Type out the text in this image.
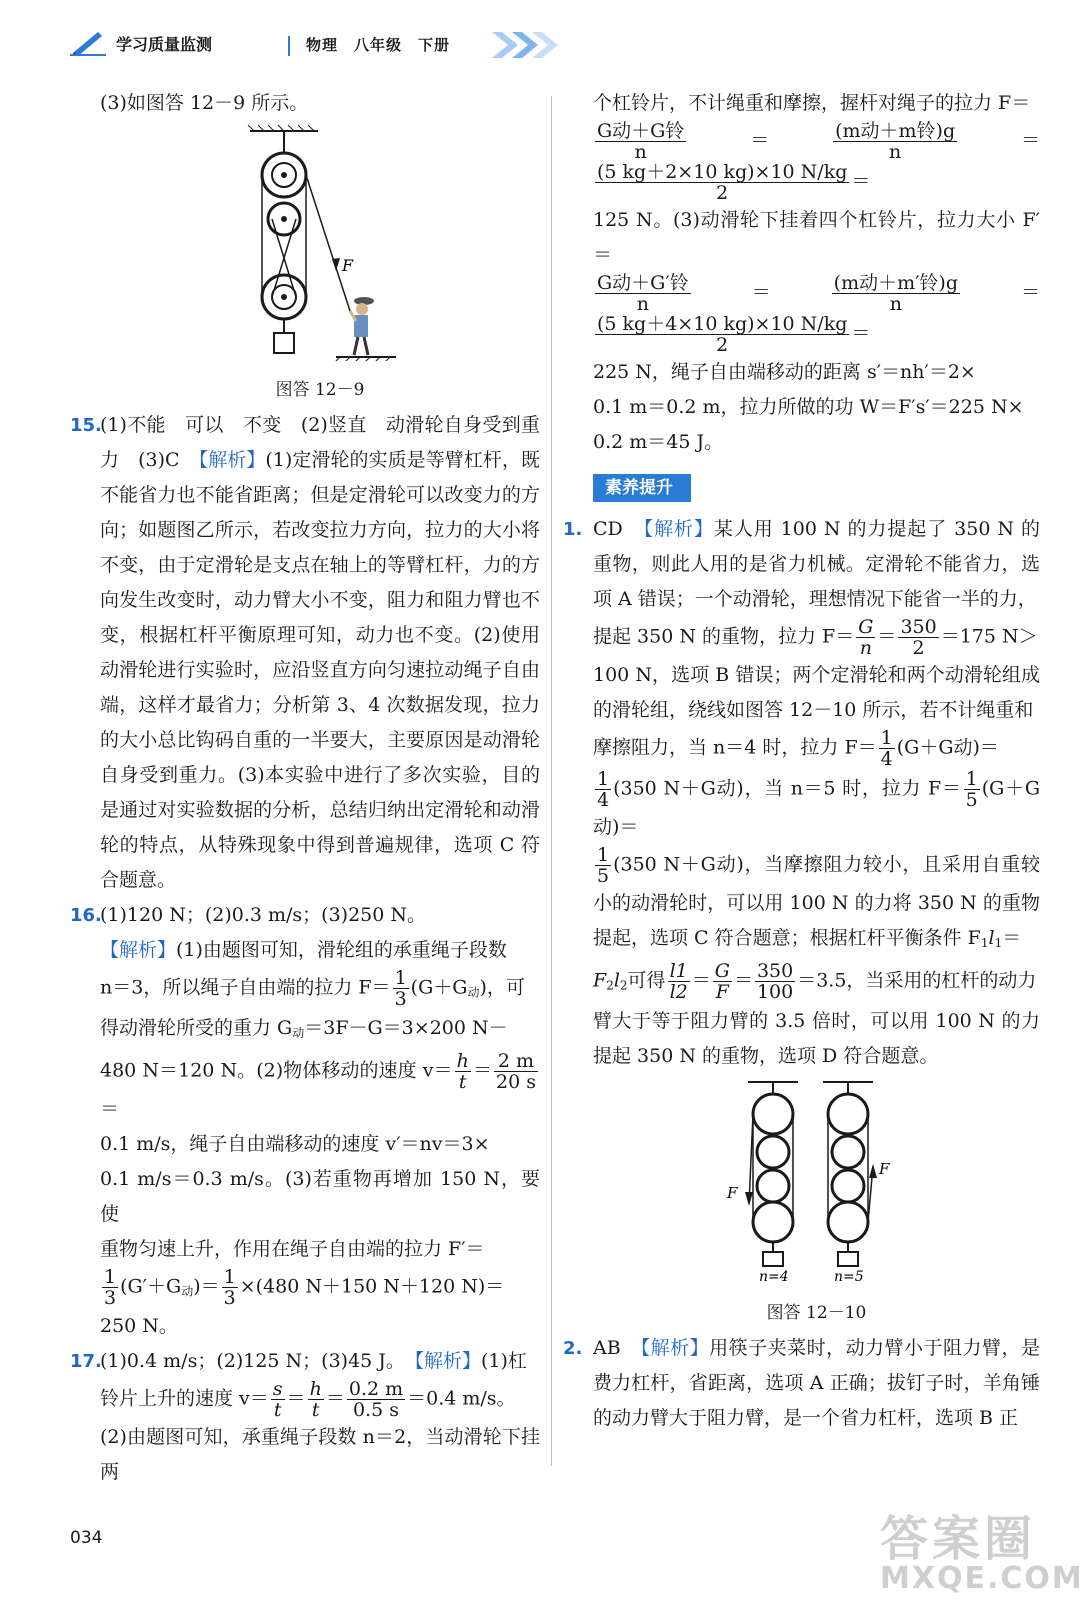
学习质量监测	物理　八年级　下册

(3)如图答 12－9 所示。

F

图答 12－9

15.(1)不能　可以　不变　(2)竖直　动滑轮自身受到重力　(3)C　【解析】(1)定滑轮的实质是等臂杠杆，既不能省力也不能省距离；但是定滑轮可以改变力的方向；如题图乙所示，若改变拉力方向，拉力的大小将不变，由于定滑轮是支点在轴上的等臂杠杆，力的方向发生改变时，动力臂大小不变，阻力和阻力臂也不变，根据杠杆平衡原理可知，动力也不变。(2)使用动滑轮进行实验时，应沿竖直方向匀速拉动绳子自由端，这样才最省力；分析第 3、4 次数据发现，拉力的大小总比钩码自重的一半要大，主要原因是动滑轮自身受到重力。(3)本实验中进行了多次实验，目的是通过对实验数据的分析，总结归纳出定滑轮和动滑轮的特点，从特殊现象中得到普遍规律，选项 C 符合题意。

16.(1)120 N；(2)0.3 m/s；(3)250 N。
【解析】(1)由题图可知，滑轮组的承重绳子段数
n＝3，所以绳子自由端的拉力 $F= \frac{1}{3} (G+G_动)$，可
得动滑轮所受的重力 $G_动=3F-G=3\times 200$ N－
480 N＝120 N。(2)物体移动的速度 $v= \frac{h}{t} = \frac{2 m}{20 s}$
＝
0.1 m/s，绳子自由端移动的速度 v′＝nv＝3×
0.1 m/s＝0.3 m/s。(3)若重物再增加 150 N，要使
重物匀速上升，作用在绳子自由端的拉力 F′＝

$\frac{1}{3} (G'+G_动)= \frac{1}{3} \times(480$ N＋150 N＋120 N)＝
250 N。

17.(1)0.4 m/s；(2)125 N；(3)45 J。　【解析】(1)杠
铃片上升的速度 $v= \frac{s}{t} = \frac{h}{t} = \frac{0.2 m}{0.5 s} =0.4$ m/s。
(2)由题图可知，承重绳子段数 n＝2，当动滑轮下挂两

个杠铃片，不计绳重和摩擦，握杆对绳子的拉力 F＝

$\frac{\text{G动＋G铃}}{n} = \frac{\text{(m动＋m铃)g}}{n}$ ＝
$\frac{(5 kg+2\times 10 kg)\times 10 N/kg}{2}$ ＝
125 N。(3)动滑轮下挂着四个杠铃片，拉力大小 F′＝

$\frac{\text{G动＋G′铃}}{n} = \frac{\text{(m动＋m′铃)g}}{n}$ ＝
$\frac{(5 kg+4\times 10 kg)\times 10 N/kg}{2}$ ＝
225 N，绳子自由端移动的距离 s′＝nh′＝2×
0.1 m＝0.2 m，拉力所做的功 W＝F′s′＝225 N×
0.2 m＝45 J。

素养提升

1. CD　【解析】某人用 100 N 的力提起了 350 N 的重物，则此人用的是省力机械。定滑轮不能省力，选项 A 错误；一个动滑轮，理想情况下能省一半的力，
提起 350 N 的重物，拉力 $F= \frac{G}{n} = \frac{350}{2} =175$ N＞
100 N，选项 B 错误；两个定滑轮和两个动滑轮组成的滑轮组，绕线如图答 12－10 所示，若不计绳重和
摩擦阻力，当 n＝4 时，拉力 $F= \frac{1}{4} (G+G$动)＝

$\frac{1}{4} (350$ N＋G动)，当 n＝5 时，拉力 $F= \frac{1}{5} (G+G$动)＝

$\frac{1}{5} (350$ N＋G动)，当摩擦阻力较小，且采用自重较小的动滑轮时，可以用 100 N 的力将 350 N 的重物提起，选项 C 符合题意；根据杠杆平衡条件 $F_1l_1=$
$F_2l_2$可得 $\frac{l1}{l2} = \frac{G}{F} = \frac{350}{100} =3.5$，当采用的杠杆的动力
臂大于等于阻力臂的 3.5 倍时，可以用 100 N 的力提起 350 N 的重物，选项 D 符合题意。

F
n=4
F
n=5

图答 12－10

2. AB　【解析】用筷子夹菜时，动力臂小于阻力臂，是费力杠杆，省距离，选项 A 正确；拔钉子时，羊角锤的动力臂大于阻力臂，是一个省力杠杆，选项 B 正

034	答案圈
MXQE.COM
